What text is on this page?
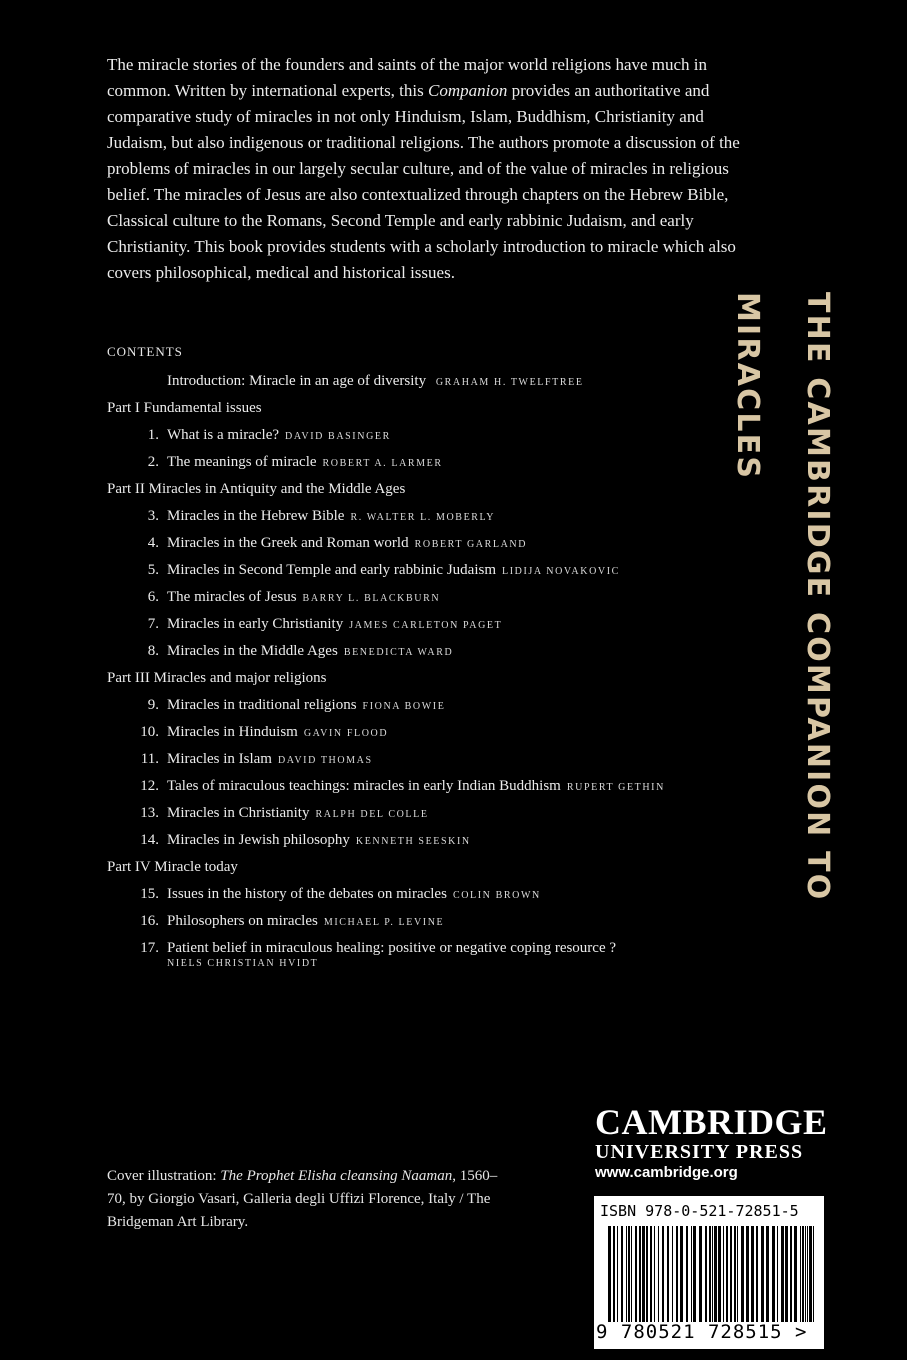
The miracle stories of the founders and saints of the major world religions have much in common. Written by international experts, this Companion provides an authoritative and comparative study of miracles in not only Hinduism, Islam, Buddhism, Christianity and Judaism, but also indigenous or traditional religions. The authors promote a discussion of the problems of miracles in our largely secular culture, and of the value of miracles in religious belief. The miracles of Jesus are also contextualized through chapters on the Hebrew Bible, Classical culture to the Romans, Second Temple and early rabbinic Judaism, and early Christianity. This book provides students with a scholarly introduction to miracle which also covers philosophical, medical and historical issues.

CONTENTS
Introduction: Miracle in an age of diversity GRAHAM H. TWELFTREE
Part I Fundamental issues
1. What is a miracle? DAVID BASINGER
2. The meanings of miracle ROBERT A. LARMER
Part II Miracles in Antiquity and the Middle Ages
3. Miracles in the Hebrew Bible R. WALTER L. MOBERLY
4. Miracles in the Greek and Roman world ROBERT GARLAND
5. Miracles in Second Temple and early rabbinic Judaism LIDIJA NOVAKOVIC
6. The miracles of Jesus BARRY L. BLACKBURN
7. Miracles in early Christianity JAMES CARLETON PAGET
8. Miracles in the Middle Ages BENEDICTA WARD
Part III Miracles and major religions
9. Miracles in traditional religions FIONA BOWIE
10. Miracles in Hinduism GAVIN FLOOD
11. Miracles in Islam DAVID THOMAS
12. Tales of miraculous teachings: miracles in early Indian Buddhism RUPERT GETHIN
13. Miracles in Christianity RALPH DEL COLLE
14. Miracles in Jewish philosophy KENNETH SEESKIN
Part IV Miracle today
15. Issues in the history of the debates on miracles COLIN BROWN
16. Philosophers on miracles MICHAEL P. LEVINE
17. Patient belief in miraculous healing: positive or negative coping resource ?
NIELS CHRISTIAN HVIDT
THE CAMBRIDGE COMPANION TO MIRACLES
CAMBRIDGE
UNIVERSITY PRESS
www.cambridge.org
Cover illustration: The Prophet Elisha cleansing Naaman, 1560–70, by Giorgio Vasari, Galleria degli Uffizi Florence, Italy / The Bridgeman Art Library.
ISBN 978-0-521-72851-5
9 780521 728515 >
